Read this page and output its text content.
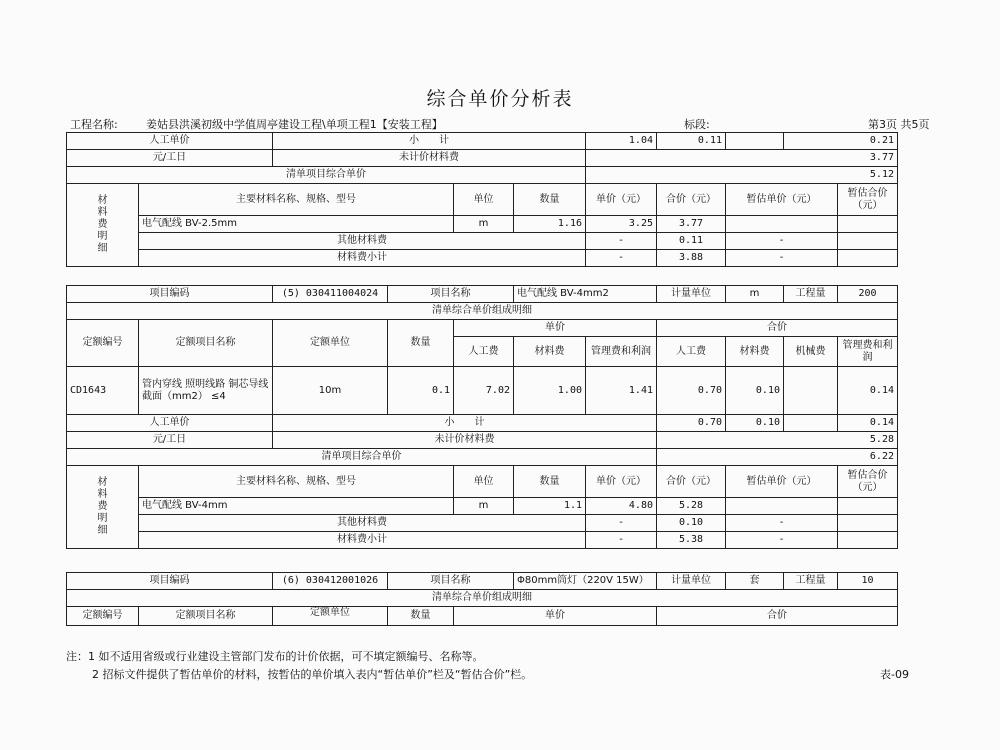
综合单价分析表
工程名称:	姜姑县洪溪初级中学值周亭建设工程\单项工程1【安装工程】	标段:	第3页 共5页
人工单价		小　　计			1.04	0.11		0.21	
元/工日		未计价材料费			3.77				
清单项目综合单价					5.12				
材
料
费
明
细	主要材料名称、规格、型号		单位	数量	单价（元）	合价（元）	暂估单价（元）		暂估合价（元）
	电气配线 BV-2.5mm		m	1.16	3.25	3.77			
	其他材料费				-	0.11	-		
	材料费小计				-	3.88	-		
项目编码		(5) 030411004024	项目名称		电气配线 BV-4mm2		计量单位	m	工程量	200
清单综合单价组成明细										
定额编号	定额项目名称	定额单位	数量	单价			合价			
				人工费	材料费	管理费和利润	人工费	材料费	机械费	管理费和利润
CD1643	管内穿线 照明线路 铜芯导线截面（mm2） ≤4	10m	0.1	7.02	1.00	1.41	0.70	0.10		0.14
人工单价		小　　计					0.70	0.10		0.14
元/工日		未计价材料费					5.28			
清单项目综合单价							6.22			
材
料
费
明
细	主要材料名称、规格、型号			单位	数量	单价（元）	合价（元）	暂估单价（元）		暂估合价（元）
	电气配线 BV-4mm			m	1.1	4.80	5.28			
	其他材料费					-	0.10	-		
	材料费小计					-	5.38	-		
项目编码		(6) 030412001026	项目名称		Φ80mm筒灯（220V 15W）	计量单位	套	工程量	10
清单综合单价组成明细									
定额编号	定额项目名称	定额单位	数量	单价		合价			
注：1 如不适用省级或行业建设主管部门发布的计价依据，可不填定额编号、名称等。
2 招标文件提供了暂估单价的材料，按暂估的单价填入表内“暂估单价”栏及“暂估合价”栏。	表-09
